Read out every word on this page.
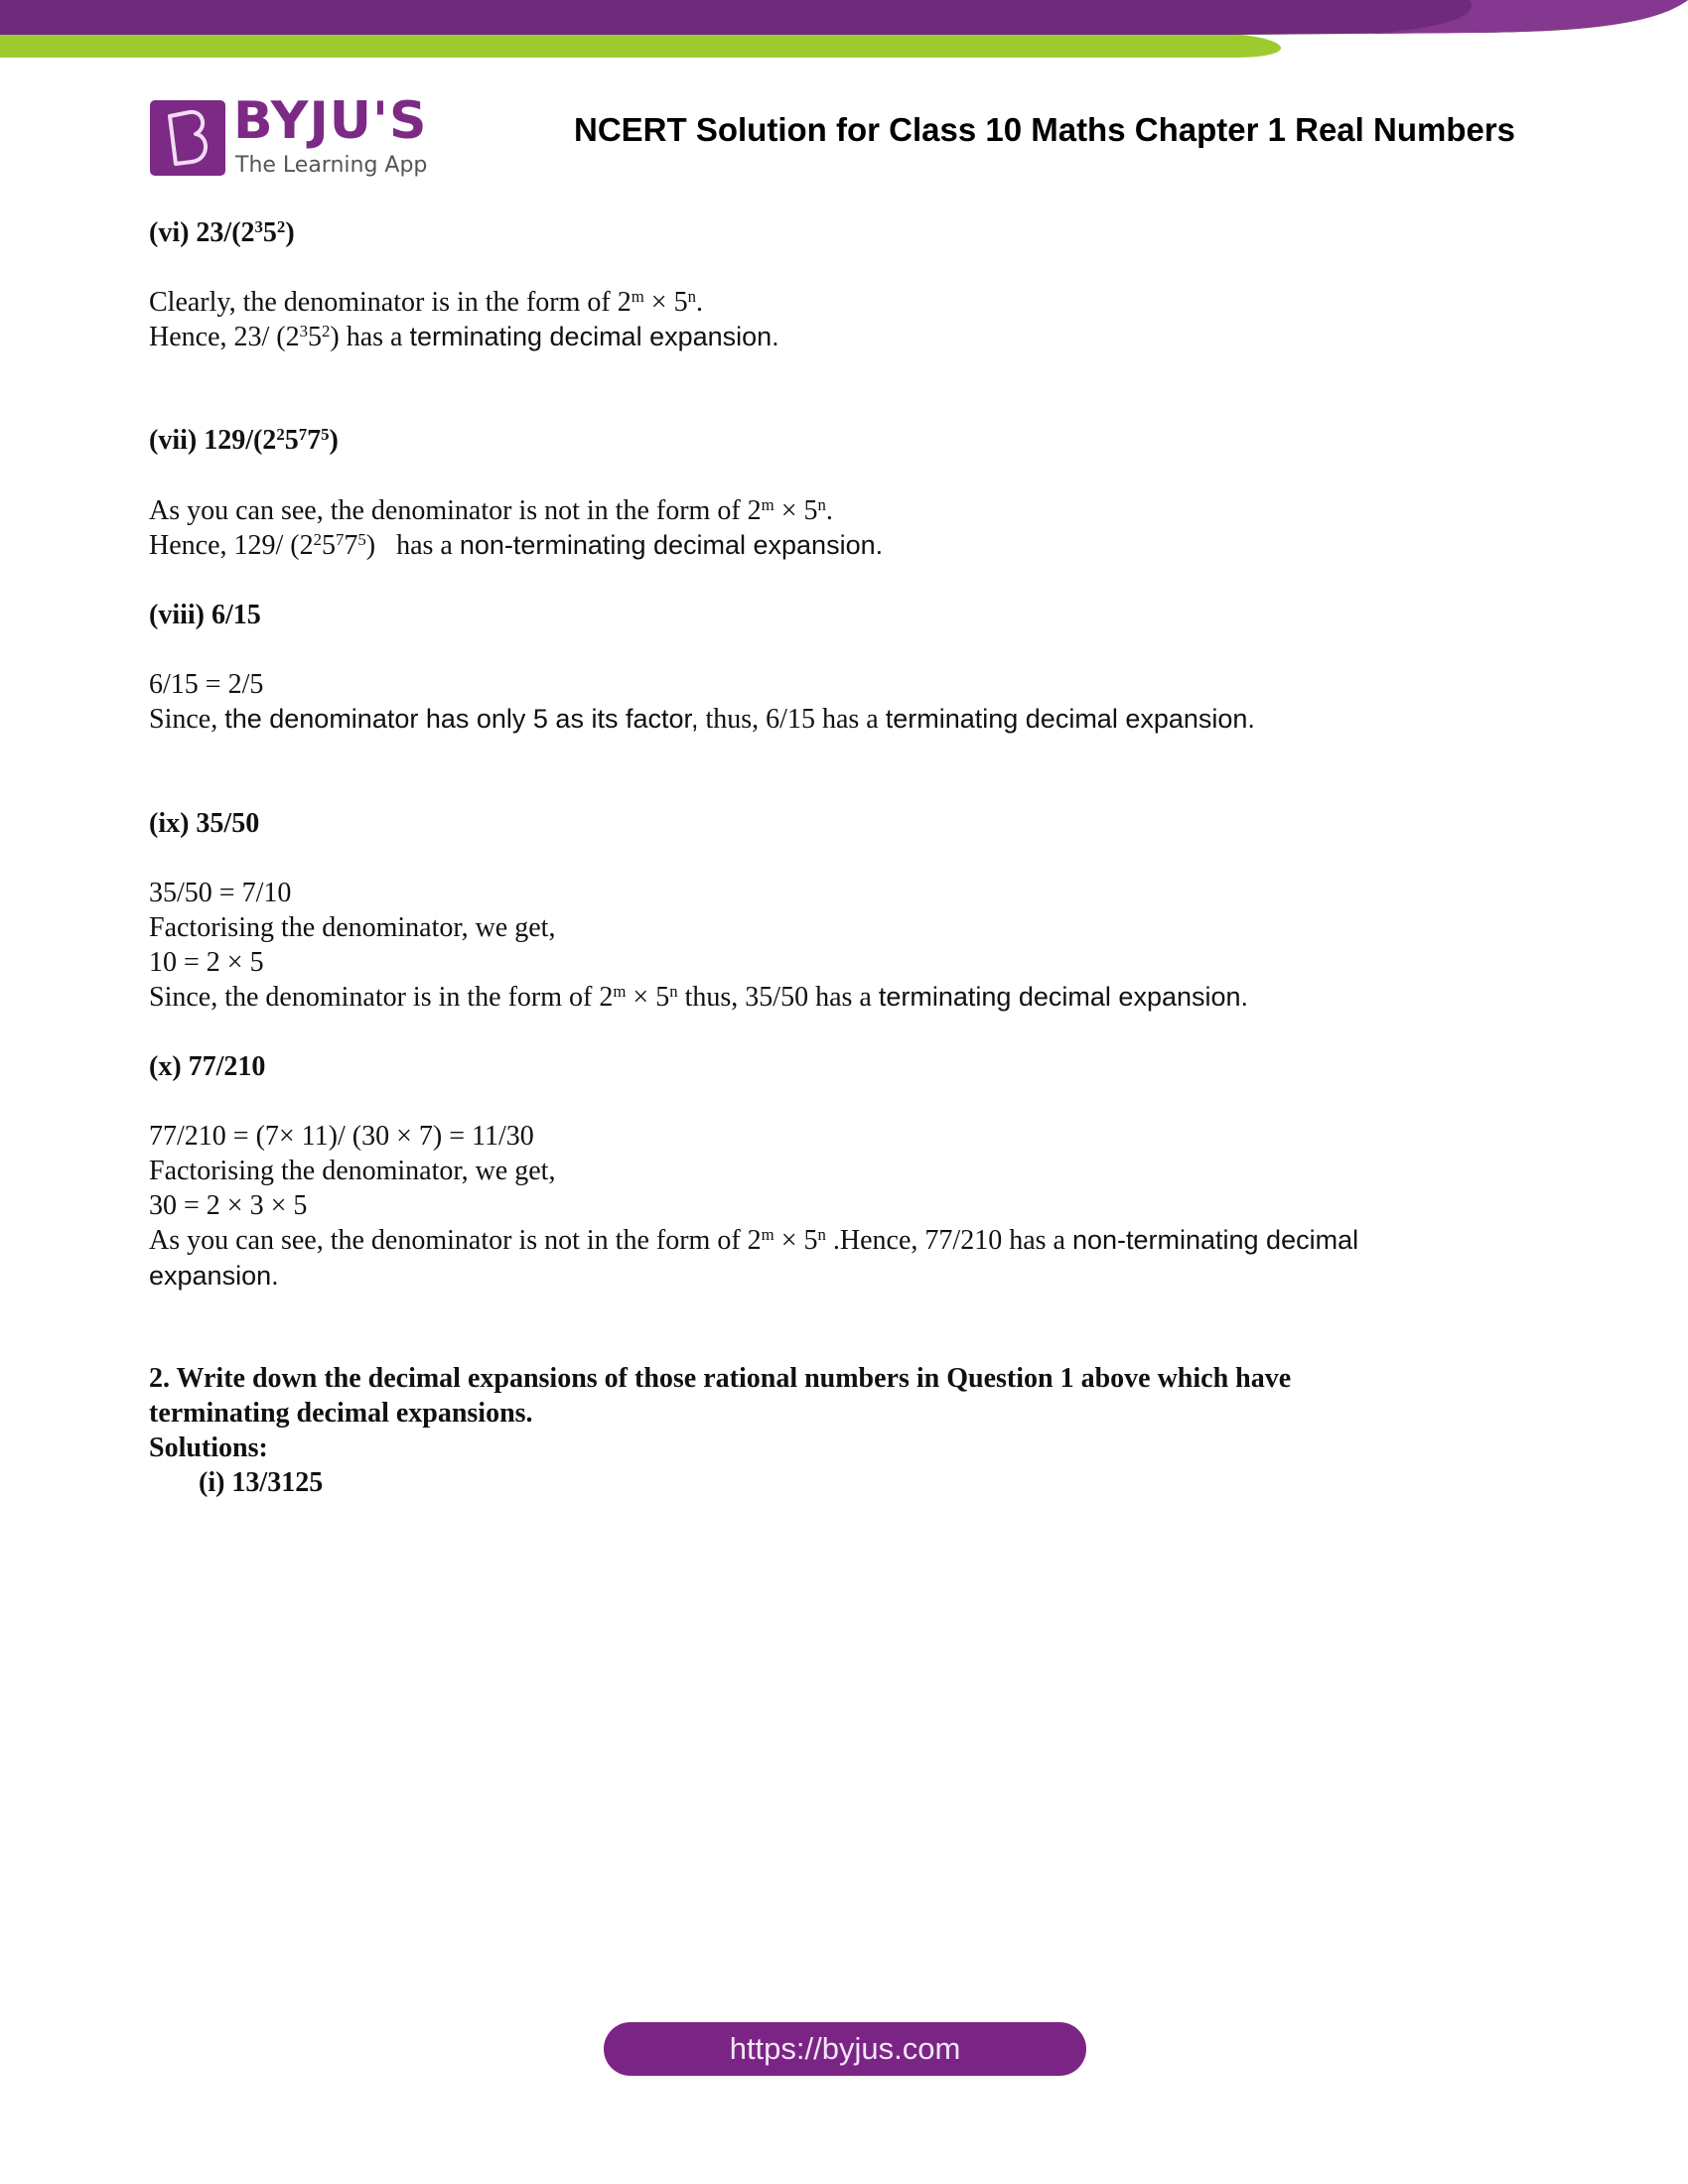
BYJU'S
The Learning App
NCERT Solution for Class 10 Maths Chapter 1 Real Numbers
(vi) $23/(2^35^2)$
Clearly, the denominator is in the form of $2^m \times 5^n$.
Hence, 23/ $(2^35^2)$ has a terminating decimal expansion.
(vii) $129/(2^25^77^5)$
As you can see, the denominator is not in the form of $2^m \times 5^n$.
Hence, 129/ $(2^25^77^5)$   has a non-terminating decimal expansion.
(viii) 6/15
6/15 = 2/5
Since, the denominator has only 5 as its factor, thus, 6/15 has a terminating decimal expansion.
(ix) 35/50
35/50 = 7/10
Factorising the denominator, we get,
10 = 2 × 5
Since, the denominator is in the form of $2^m \times 5^n$ thus, 35/50 has a terminating decimal expansion.
(x) 77/210
77/210 = (7× 11)/ (30 × 7) = 11/30
Factorising the denominator, we get,
30 = 2 × 3 × 5
As you can see, the denominator is not in the form of $2^m \times 5^n$ .Hence, 77/210 has a non-terminating decimal
expansion.
2. Write down the decimal expansions of those rational numbers in Question 1 above which have
terminating decimal expansions.
Solutions:
(i) 13/3125
https://byjus.com
